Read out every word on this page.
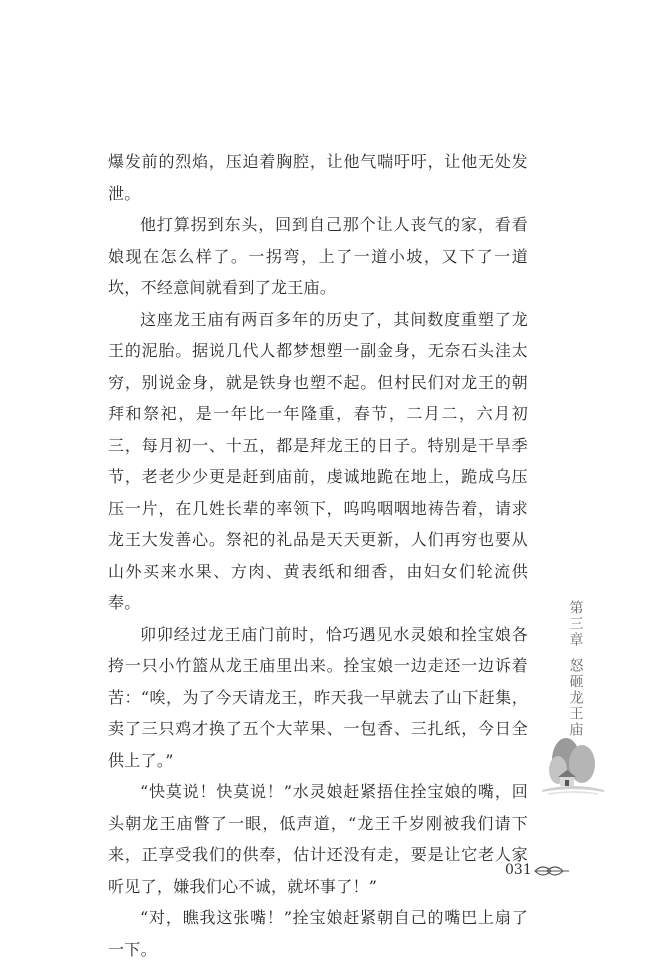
爆发前的烈焰，压迫着胸腔，让他气喘吁吁，让他无处发泄。

他打算拐到东头，回到自己那个让人丧气的家，看看娘现在怎么样了。一拐弯，上了一道小坡，又下了一道坎，不经意间就看到了龙王庙。

这座龙王庙有两百多年的历史了，其间数度重塑了龙王的泥胎。据说几代人都梦想塑一副金身，无奈石头洼太穷，别说金身，就是铁身也塑不起。但村民们对龙王的朝拜和祭祀，是一年比一年隆重，春节，二月二，六月初三，每月初一、十五，都是拜龙王的日子。特别是干旱季节，老老少少更是赶到庙前，虔诚地跪在地上，跪成乌压压一片，在几姓长辈的率领下，呜呜咽咽地祷告着，请求龙王大发善心。祭祀的礼品是天天更新，人们再穷也要从山外买来水果、方肉、黄表纸和细香，由妇女们轮流供奉。

卯卯经过龙王庙门前时，恰巧遇见水灵娘和拴宝娘各挎一只小竹篮从龙王庙里出来。拴宝娘一边走还一边诉着苦：“唉，为了今天请龙王，昨天我一早就去了山下赶集，卖了三只鸡才换了五个大苹果、一包香、三扎纸，今日全供上了。”

“快莫说！快莫说！”水灵娘赶紧捂住拴宝娘的嘴，回头朝龙王庙瞥了一眼，低声道，“龙王千岁刚被我们请下来，正享受我们的供奉，估计还没有走，要是让它老人家听见了，嫌我们心不诚，就坏事了！”

“对，瞧我这张嘴！”拴宝娘赶紧朝自己的嘴巴上扇了一下。

第三章
怒砸龙王庙
031
